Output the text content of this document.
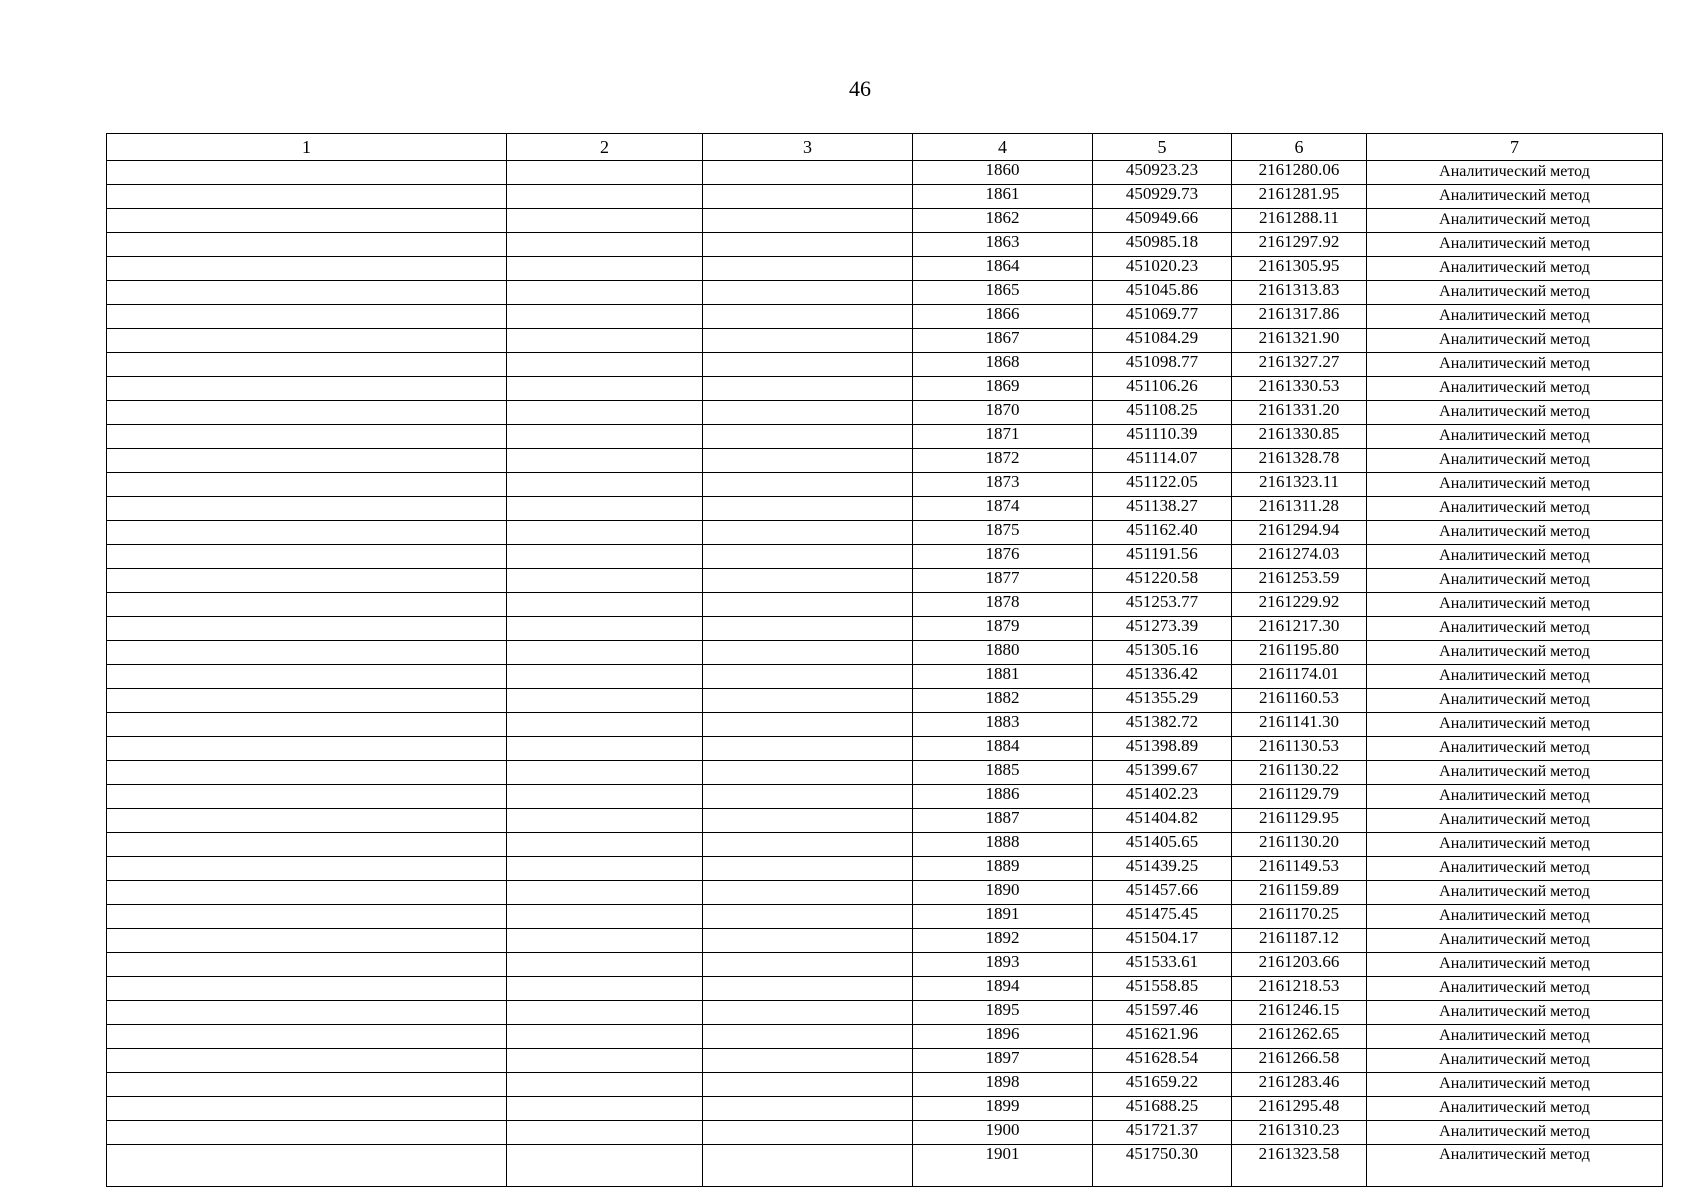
46
1	2	3	4	5	6	7
			1860	450923.23	2161280.06	Аналитический метод
			1861	450929.73	2161281.95	Аналитический метод
			1862	450949.66	2161288.11	Аналитический метод
			1863	450985.18	2161297.92	Аналитический метод
			1864	451020.23	2161305.95	Аналитический метод
			1865	451045.86	2161313.83	Аналитический метод
			1866	451069.77	2161317.86	Аналитический метод
			1867	451084.29	2161321.90	Аналитический метод
			1868	451098.77	2161327.27	Аналитический метод
			1869	451106.26	2161330.53	Аналитический метод
			1870	451108.25	2161331.20	Аналитический метод
			1871	451110.39	2161330.85	Аналитический метод
			1872	451114.07	2161328.78	Аналитический метод
			1873	451122.05	2161323.11	Аналитический метод
			1874	451138.27	2161311.28	Аналитический метод
			1875	451162.40	2161294.94	Аналитический метод
			1876	451191.56	2161274.03	Аналитический метод
			1877	451220.58	2161253.59	Аналитический метод
			1878	451253.77	2161229.92	Аналитический метод
			1879	451273.39	2161217.30	Аналитический метод
			1880	451305.16	2161195.80	Аналитический метод
			1881	451336.42	2161174.01	Аналитический метод
			1882	451355.29	2161160.53	Аналитический метод
			1883	451382.72	2161141.30	Аналитический метод
			1884	451398.89	2161130.53	Аналитический метод
			1885	451399.67	2161130.22	Аналитический метод
			1886	451402.23	2161129.79	Аналитический метод
			1887	451404.82	2161129.95	Аналитический метод
			1888	451405.65	2161130.20	Аналитический метод
			1889	451439.25	2161149.53	Аналитический метод
			1890	451457.66	2161159.89	Аналитический метод
			1891	451475.45	2161170.25	Аналитический метод
			1892	451504.17	2161187.12	Аналитический метод
			1893	451533.61	2161203.66	Аналитический метод
			1894	451558.85	2161218.53	Аналитический метод
			1895	451597.46	2161246.15	Аналитический метод
			1896	451621.96	2161262.65	Аналитический метод
			1897	451628.54	2161266.58	Аналитический метод
			1898	451659.22	2161283.46	Аналитический метод
			1899	451688.25	2161295.48	Аналитический метод
			1900	451721.37	2161310.23	Аналитический метод
			1901	451750.30	2161323.58	Аналитический метод
